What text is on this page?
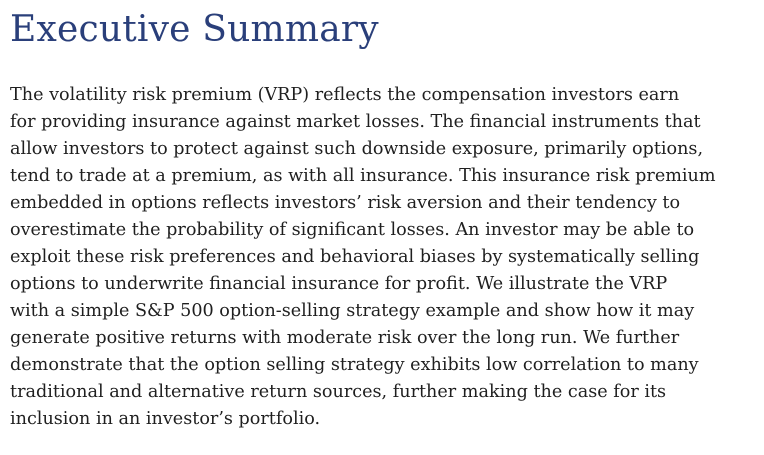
Executive Summary

The volatility risk premium (VRP) reflects the compensation investors earn
for providing insurance against market losses. The financial instruments that
allow investors to protect against such downside exposure, primarily options,
tend to trade at a premium, as with all insurance. This insurance risk premium
embedded in options reflects investors’ risk aversion and their tendency to
overestimate the probability of significant losses. An investor may be able to
exploit these risk preferences and behavioral biases by systematically selling
options to underwrite financial insurance for profit. We illustrate the VRP
with a simple S&P 500 option-selling strategy example and show how it may
generate positive returns with moderate risk over the long run. We further
demonstrate that the option selling strategy exhibits low correlation to many
traditional and alternative return sources, further making the case for its
inclusion in an investor’s portfolio.
